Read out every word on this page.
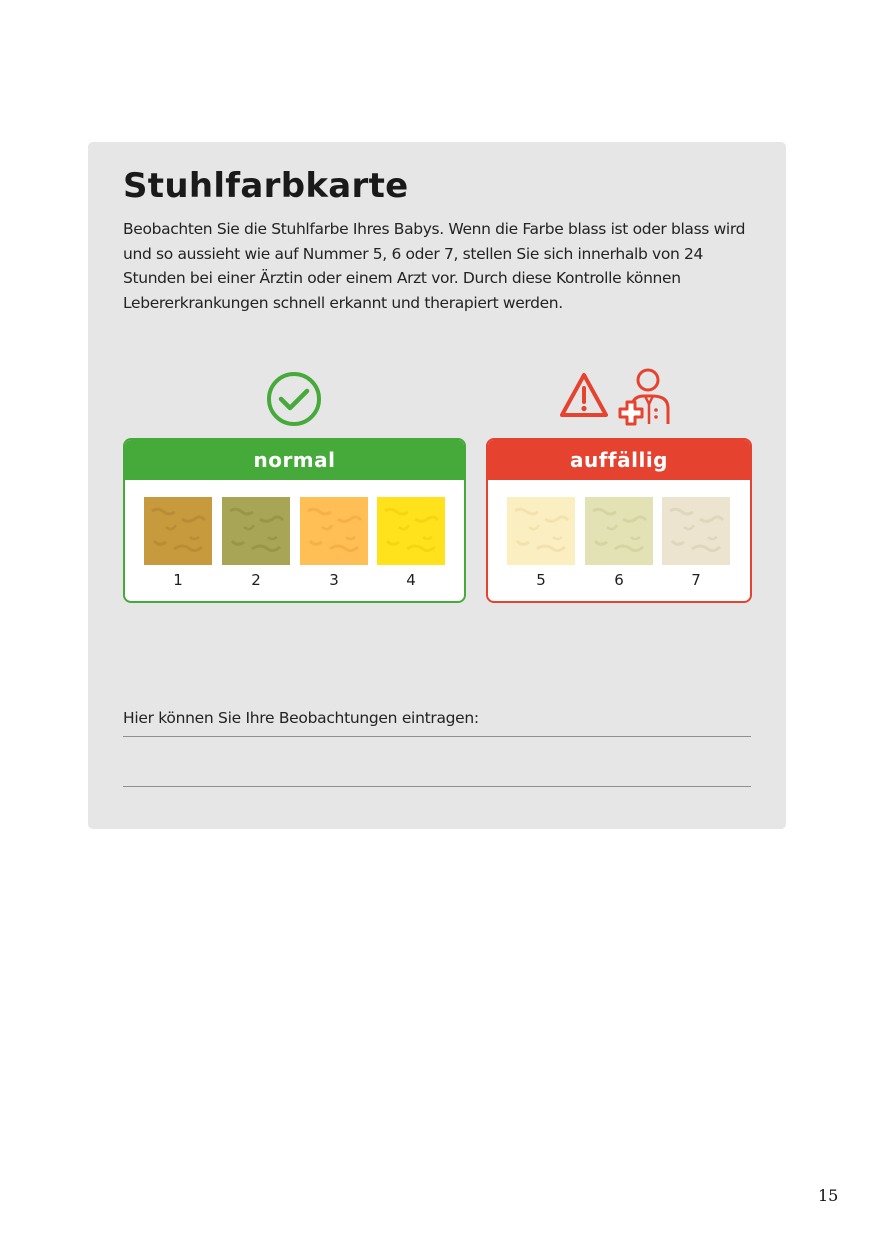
Stuhlfarbkarte

Beobachten Sie die Stuhlfarbe Ihres Babys. Wenn die Farbe blass ist oder blass wird und so aussieht wie auf Nummer 5, 6 oder 7, stellen Sie sich innerhalb von 24 Stunden bei einer Ärztin oder einem Arzt vor. Durch diese Kontrolle können Lebererkrankungen schnell erkannt und therapiert werden.

normal
1	2	3	4
auffällig
5	6	7

Hier können Sie Ihre Beobachtungen eintragen:

15
